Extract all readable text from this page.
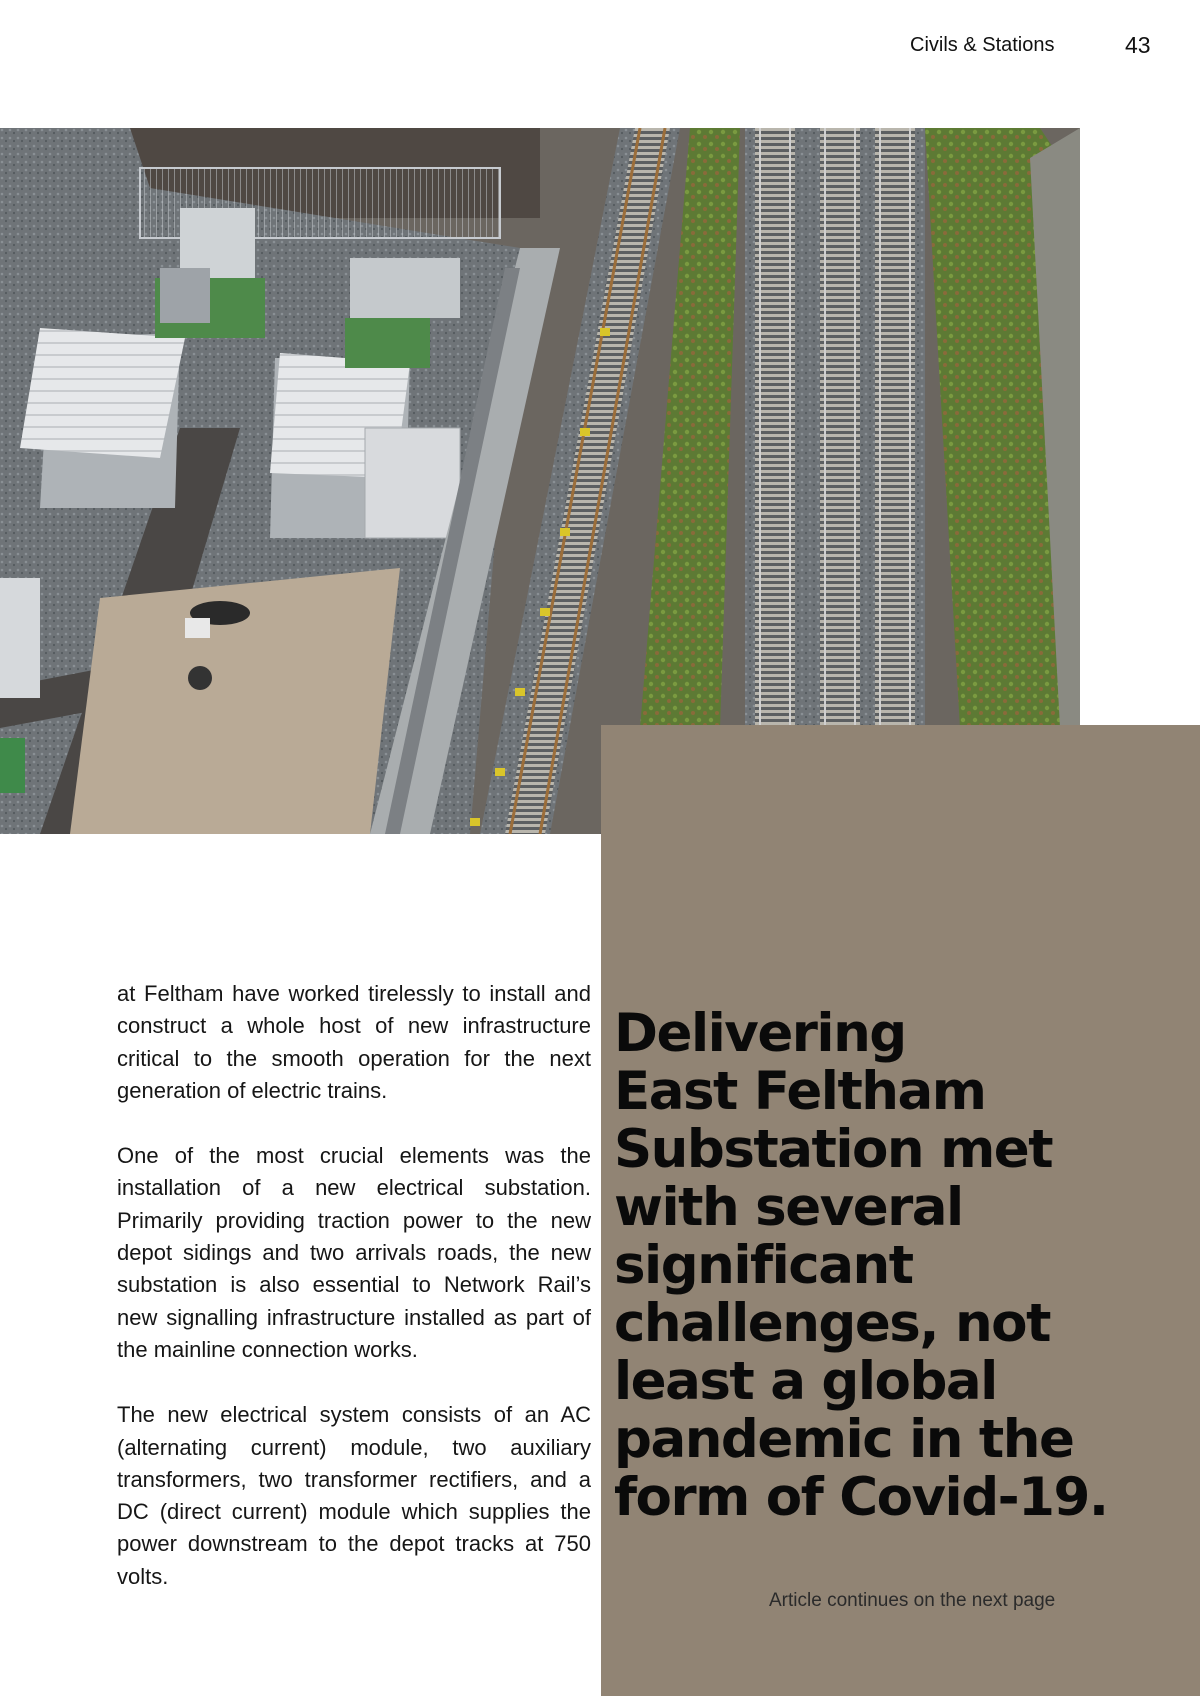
Civils & Stations	43
Delivering
East Feltham
Substation met
with several
significant
challenges, not
least a global
pandemic in the
form of Covid-19.
Article continues on the next page

at Feltham have worked tirelessly to install and construct a whole host of new infrastructure critical to the smooth operation for the next generation of electric trains.

One of the most crucial elements was the installation of a new electrical substation. Primarily providing traction power to the new depot sidings and two arrivals roads, the new substation is also essential to Network Rail’s new signalling infrastructure installed as part of the mainline connection works.

The new electrical system consists of an AC (alternating current) module, two auxiliary transformers, two transformer rectifiers, and a DC (direct current) module which supplies the power downstream to the depot tracks at 750 volts.
